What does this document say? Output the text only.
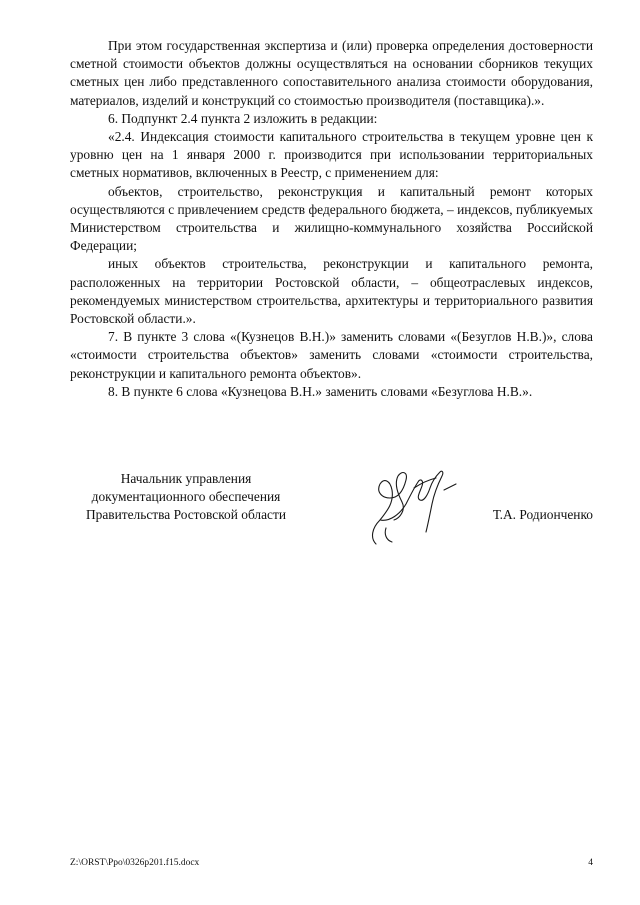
При этом государственная экспертиза и (или) проверка определения достоверности сметной стоимости объектов должны осуществляться на основании сборников текущих сметных цен либо представленного сопоставительного анализа стоимости оборудования, материалов, изделий и конструкций со стоимостью производителя (поставщика).».

6. Подпункт 2.4 пункта 2 изложить в редакции:

«2.4. Индексация стоимости капитального строительства в текущем уровне цен к уровню цен на 1 января 2000 г. производится при использовании территориальных сметных нормативов, включенных в Реестр, с применением для:

объектов, строительство, реконструкция и капитальный ремонт которых осуществляются с привлечением средств федерального бюджета, – индексов, публикуемых Министерством строительства и жилищно-коммунального хозяйства Российской Федерации;

иных объектов строительства, реконструкции и капитального ремонта, расположенных на территории Ростовской области, – общеотраслевых индексов, рекомендуемых министерством строительства, архитектуры и территориального развития Ростовской области.».

7. В пункте 3 слова «(Кузнецов В.Н.)» заменить словами «(Безуглов Н.В.)», слова «стоимости строительства объектов» заменить словами «стоимости строительства, реконструкции и капитального ремонта объектов».

8. В пункте 6 слова «Кузнецова В.Н.» заменить словами «Безуглова Н.В.».

Начальник управления
документационного обеспечения
Правительства Ростовской области	Т.А. Родионченко
Z:\ORST\Ppo\0326p201.f15.docx	4
